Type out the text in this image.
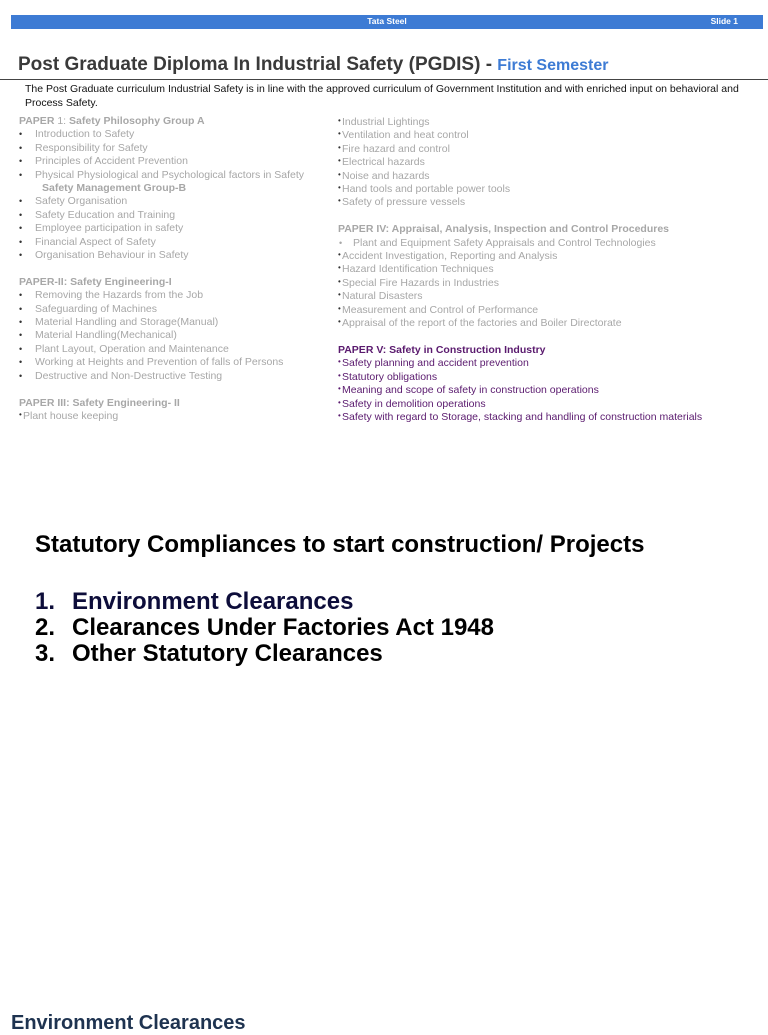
Tata Steel	Slide 1
Post Graduate Diploma In Industrial Safety (PGDIS) - First Semester
The Post Graduate curriculum Industrial Safety is in line with the approved curriculum of Government Institution and with enriched input on behavioral and Process Safety.
PAPER 1: Safety Philosophy Group A
• Introduction to Safety
• Responsibility for Safety
• Principles of Accident Prevention
• Physical Physiological and Psychological factors in Safety
Safety Management Group-B
• Safety Organisation
• Safety Education and Training
• Employee participation in safety
• Financial Aspect of Safety
• Organisation Behaviour in Safety
PAPER-II: Safety Engineering-I
• Removing the Hazards from the Job
• Safeguarding of Machines
• Material Handling and Storage(Manual)
• Material Handling(Mechanical)
• Plant Layout, Operation and Maintenance
• Working at Heights and Prevention of falls of Persons
• Destructive and Non-Destructive Testing
PAPER III: Safety Engineering- II
• Plant house keeping
• Industrial Lightings
• Ventilation and heat control
• Fire hazard and control
• Electrical hazards
• Noise and hazards
• Hand tools and portable power tools
• Safety of pressure vessels
PAPER IV: Appraisal, Analysis, Inspection and Control Procedures
• Plant and Equipment Safety Appraisals and Control Technologies
• Accident Investigation, Reporting and Analysis
• Hazard Identification Techniques
• Special Fire Hazards in Industries
• Natural Disasters
• Measurement and Control of Performance
• Appraisal of the report of the factories and Boiler Directorate
PAPER V: Safety in Construction Industry
• Safety planning and accident prevention
• Statutory obligations
• Meaning and scope of safety in construction operations
• Safety in demolition operations
• Safety with regard to Storage, stacking and handling of construction materials
Statutory Compliances to start construction/ Projects
1. Environment Clearances
2. Clearances Under Factories Act 1948
3. Other Statutory Clearances
Environment Clearances
